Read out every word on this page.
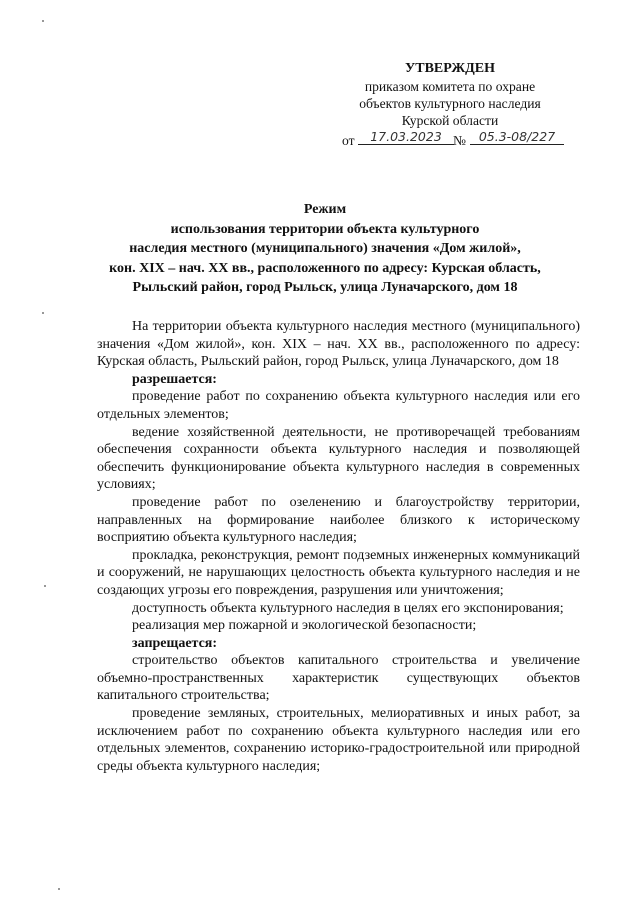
УТВЕРЖДЕН
приказом комитета по охране
объектов культурного наследия
Курской области
от	17.03.2023 №	05.3-08/227
Режим
использования территории объекта культурного
наследия местного (муниципального) значения «Дом жилой»,
кон. XIX – нач. XX вв., расположенного по адресу: Курская область,
Рыльский район, город Рыльск, улица Луначарского, дом 18

На территории объекта культурного наследия местного (муниципального) значения «Дом жилой», кон. XIX – нач. XX вв., расположенного по адресу: Курская область, Рыльский район, город Рыльск, улица Луначарского, дом 18

разрешается:

проведение работ по сохранению объекта культурного наследия или его отдельных элементов;

ведение хозяйственной деятельности, не противоречащей требованиям обеспечения сохранности объекта культурного наследия и позволяющей обеспечить функционирование объекта культурного наследия в современных условиях;

проведение работ по озеленению и благоустройству территории, направленных на формирование наиболее близкого к историческому восприятию объекта культурного наследия;

прокладка, реконструкция, ремонт подземных инженерных коммуникаций и сооружений, не нарушающих целостность объекта культурного наследия и не создающих угрозы его повреждения, разрушения или уничтожения;

доступность объекта культурного наследия в целях его экспонирования;

реализация мер пожарной и экологической безопасности;

запрещается:

строительство объектов капитального строительства и увеличение объемно-пространственных характеристик существующих объектов капитального строительства;

проведение земляных, строительных, мелиоративных и иных работ, за исключением работ по сохранению объекта культурного наследия или его отдельных элементов, сохранению историко-градостроительной или природной среды объекта культурного наследия;
